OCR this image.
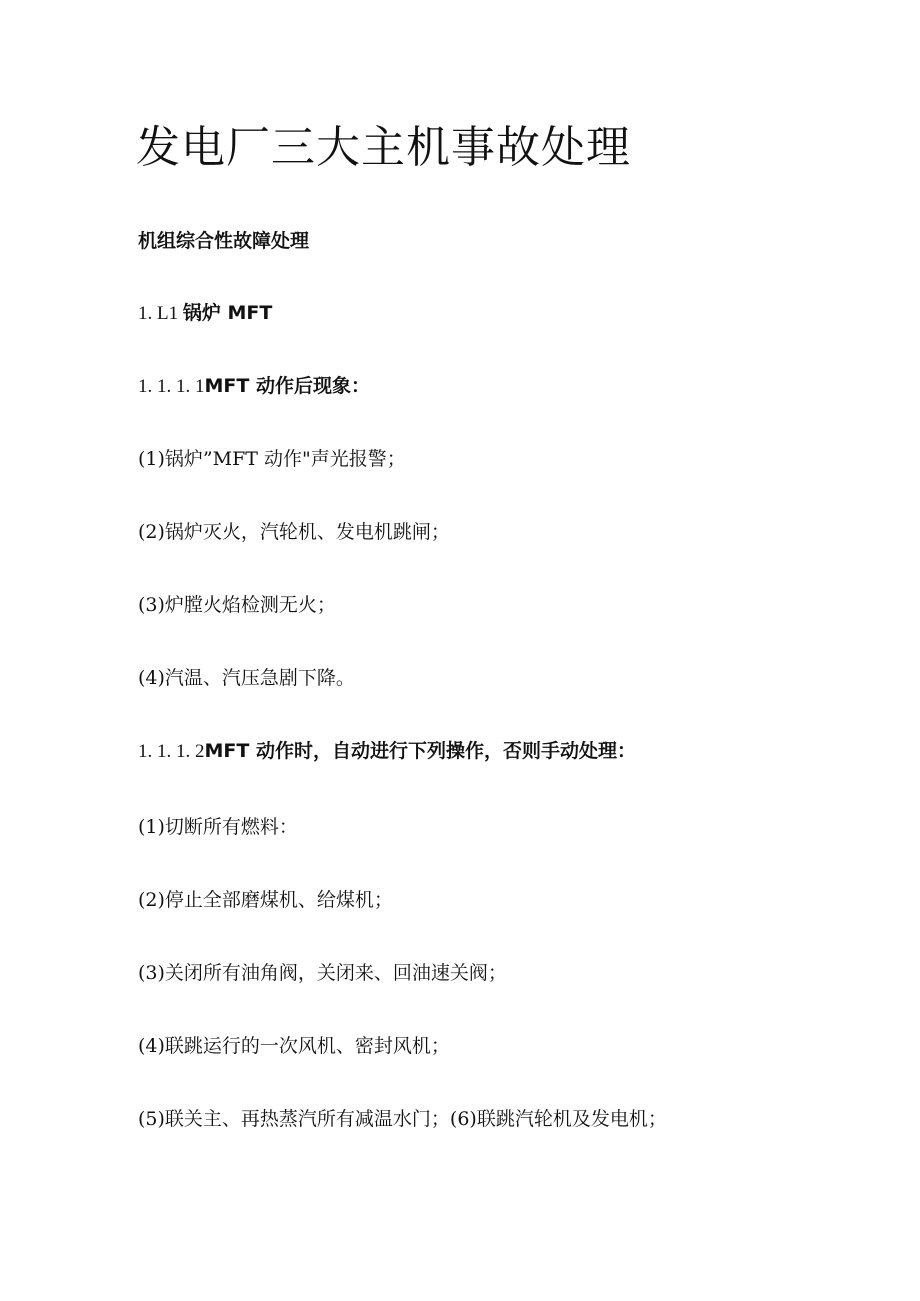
发电厂三大主机事故处理
机组综合性故障处理
1. L1 锅炉 MFT
1. 1. 1. 1MFT 动作后现象：
(1)锅炉”MFT 动作"声光报警；
(2)锅炉灭火，汽轮机、发电机跳闸；
(3)炉膛火焰检测无火；
(4)汽温、汽压急剧下降。
1. 1. 1. 2MFT 动作时，自动进行下列操作，否则手动处理：
(1)切断所有燃料：
(2)停止全部磨煤机、给煤机；
(3)关闭所有油角阀，关闭来、回油速关阀；
(4)联跳运行的一次风机、密封风机；
(5)联关主、再热蒸汽所有减温水门；(6)联跳汽轮机及发电机；
